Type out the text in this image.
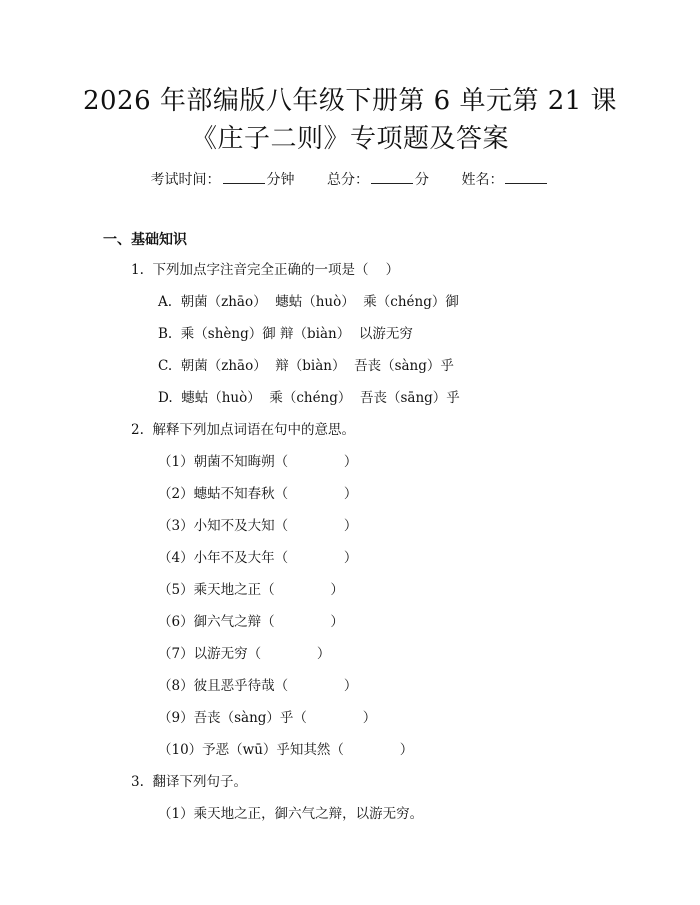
2026 年部编版八年级下册第 6 单元第 21 课
《庄子二则》专项题及答案
考试时间：	分钟 总分：	分 姓名：
一、基础知识
1.  下列加点字注音完全正确的一项是（    ）
A.  朝菌（zhāo）  蟪蛄（huò）  乘（chéng）御
B.  乘（shèng）御 辩（biàn）  以游无穷
C.  朝菌（zhāo）  辩（biàn）  吾丧（sàng）乎
D.  蟪蛄（huò）  乘（chéng）  吾丧（sāng）乎
2.  解释下列加点词语在句中的意思。
（1）朝菌不知晦朔（             ）
（2）蟪蛄不知春秋（             ）
（3）小知不及大知（             ）
（4）小年不及大年（             ）
（5）乘天地之正（             ）
（6）御六气之辩（             ）
（7）以游无穷（             ）
（8）彼且恶乎待哉（             ）
（9）吾丧（sàng）乎（             ）
（10）予恶（wū）乎知其然（             ）
3.  翻译下列句子。
（1）乘天地之正，御六气之辩，以游无穷。
